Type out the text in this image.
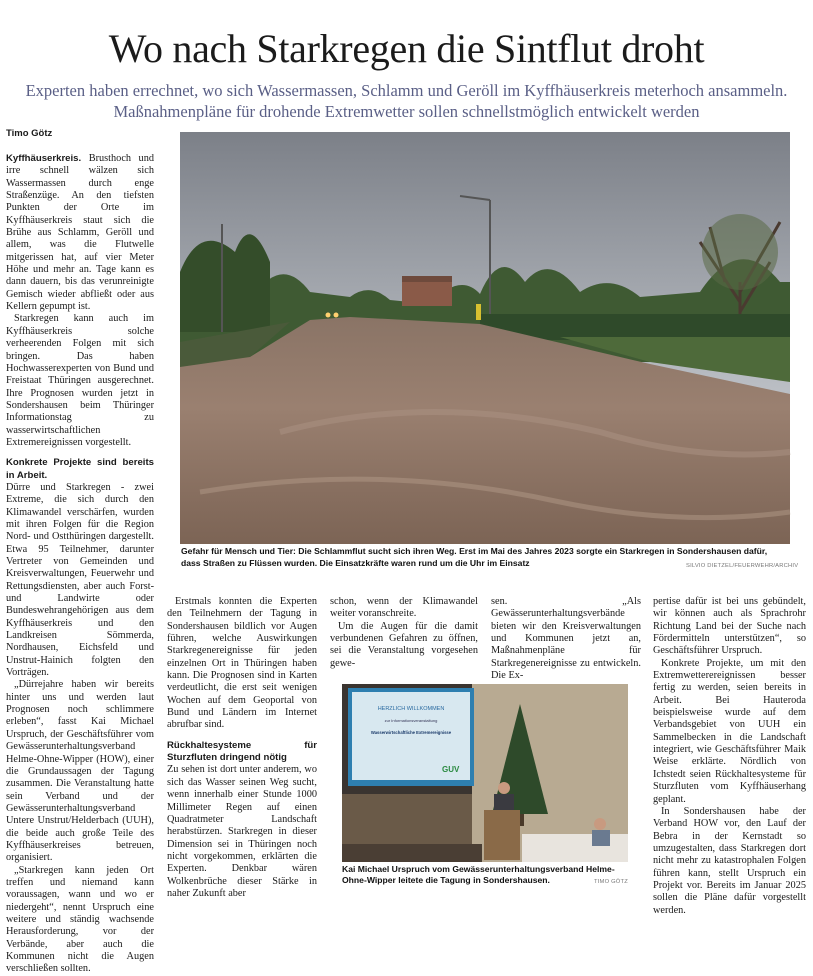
Wo nach Starkregen die Sintflut droht
Experten haben errechnet, wo sich Wassermassen, Schlamm und Geröll im Kyffhäuserkreis meterhoch ansammeln.
Maßnahmenpläne für drohende Extremwetter sollen schnellstmöglich entwickelt werden
Timo Götz

Kyffhäuserkreis. Brusthoch und irre schnell wälzen sich Wassermassen durch enge Straßenzüge. An den tiefsten Punkten der Orte im Kyffhäuserkreis staut sich die Brühe aus Schlamm, Geröll und allem, was die Flutwelle mitgerissen hat, auf vier Meter Höhe und mehr an. Tage kann es dann dauern, bis das verunreinigte Gemisch wieder abfließt oder aus Kellern gepumpt ist.

Starkregen kann auch im Kyffhäuserkreis solche verheerenden Folgen mit sich bringen. Das haben Hochwasserexperten von Bund und Freistaat Thüringen ausgerechnet. Ihre Prognosen wurden jetzt in Sondershausen beim Thüringer Informationstag zu wasserwirtschaftlichen Extremereignissen vorgestellt.

Konkrete Projekte sind bereits in Arbeit.

Dürre und Starkregen - zwei Extreme, die sich durch den Klimawandel verschärfen, wurden mit ihren Folgen für die Region Nord- und Ostthüringen dargestellt. Etwa 95 Teilnehmer, darunter Vertreter von Gemeinden und Kreisverwaltungen, Feuerwehr und Rettungsdiensten, aber auch Forst- und Landwirte oder Bundeswehrangehörigen aus dem Kyffhäuserkreis und den Landkreisen Sömmerda, Nordhausen, Eichsfeld und Unstrut-Hainich folgten den Vorträgen.

„Dürrejahre haben wir bereits hinter uns und werden laut Prognosen noch schlimmere erleben“, fasst Kai Michael Urspruch, der Geschäftsführer vom Gewässerunterhaltungsverband Helme-Ohne-Wipper (HOW), einer die Grundaussagen der Tagung zusammen. Die Veranstaltung hatte sein Verband und der Gewässerunterhaltungsverband Untere Unstrut/Helderbach (UUH), die beide auch große Teile des Kyffhäuserkreises betreuen, organisiert.

„Starkregen kann jeden Ort treffen und niemand kann voraussagen, wann und wo er niedergeht“, nennt Urspruch eine weitere und ständig wachsende Herausforderung, vor der Verbände, aber auch die Kommunen nicht die Augen verschließen sollten.

Gefahr für Mensch und Tier: Die Schlammflut sucht sich ihren Weg. Erst im Mai des Jahres 2023 sorgte ein Starkregen in Sondershausen dafür, dass Straßen zu Flüssen wurden. Die Einsatzkräfte waren rund um die Uhr im Einsatz	SILVIO DIETZEL/FEUERWEHR/ARCHIV

Erstmals konnten die Experten den Teilnehmern der Tagung in Sondershausen bildlich vor Augen führen, welche Auswirkungen Starkregenereignisse für jeden einzelnen Ort in Thüringen haben kann. Die Prognosen sind in Karten verdeutlicht, die erst seit wenigen Wochen auf dem Geoportal von Bund und Ländern im Internet abrufbar sind.

Rückhaltesysteme für Sturzfluten dringend nötig

Zu sehen ist dort unter anderem, wo sich das Wasser seinen Weg sucht, wenn innerhalb einer Stunde 1000 Millimeter Regen auf einen Quadratmeter Landschaft herabstürzen. Starkregen in dieser Dimension sei in Thüringen noch nicht vorgekommen, erklärten die Experten. Denkbar wären Wolkenbrüche dieser Stärke in naher Zukunft aber

schon, wenn der Klimawandel weiter voranschreite.

Um die Augen für die damit verbundenen Gefahren zu öffnen, sei die Veranstaltung vorgesehen gewe-

sen. „Als Gewässerunterhaltungsverbände bieten wir den Kreisverwaltungen und Kommunen jetzt an, Maßnahmenpläne für Starkregenereignisse zu entwickeln. Die Ex-

pertise dafür ist bei uns gebündelt, wir können auch als Sprachrohr Richtung Land bei der Suche nach Fördermitteln unterstützen“, so Geschäftsführer Urspruch.

Konkrete Projekte, um mit den Extremwetterereignissen besser fertig zu werden, seien bereits in Arbeit. Bei Hauteroda beispielsweise wurde auf dem Verbandsgebiet von UUH ein Sammelbecken in die Landschaft integriert, wie Geschäftsführer Maik Weise erklärte. Nördlich von Ichstedt seien Rückhaltesysteme für Sturzfluten vom Kyffhäuserhang geplant.

In Sondershausen habe der Verband HOW vor, den Lauf der Bebra in der Kernstadt so umzugestalten, dass Starkregen dort nicht mehr zu katastrophalen Folgen führen kann, stellt Urspruch ein Projekt vor. Bereits im Januar 2025 sollen die Pläne dafür vorgestellt werden.

HERZLICH WILLKOMMEN
zur Informationsveranstaltung
Wasserwirtschaftliche Extremereignisse
GUV
Kai Michael Urspruch vom Gewässerunterhaltungsverband Helme-Ohne-Wipper leitete die Tagung in Sondershausen.	TIMO GÖTZ
